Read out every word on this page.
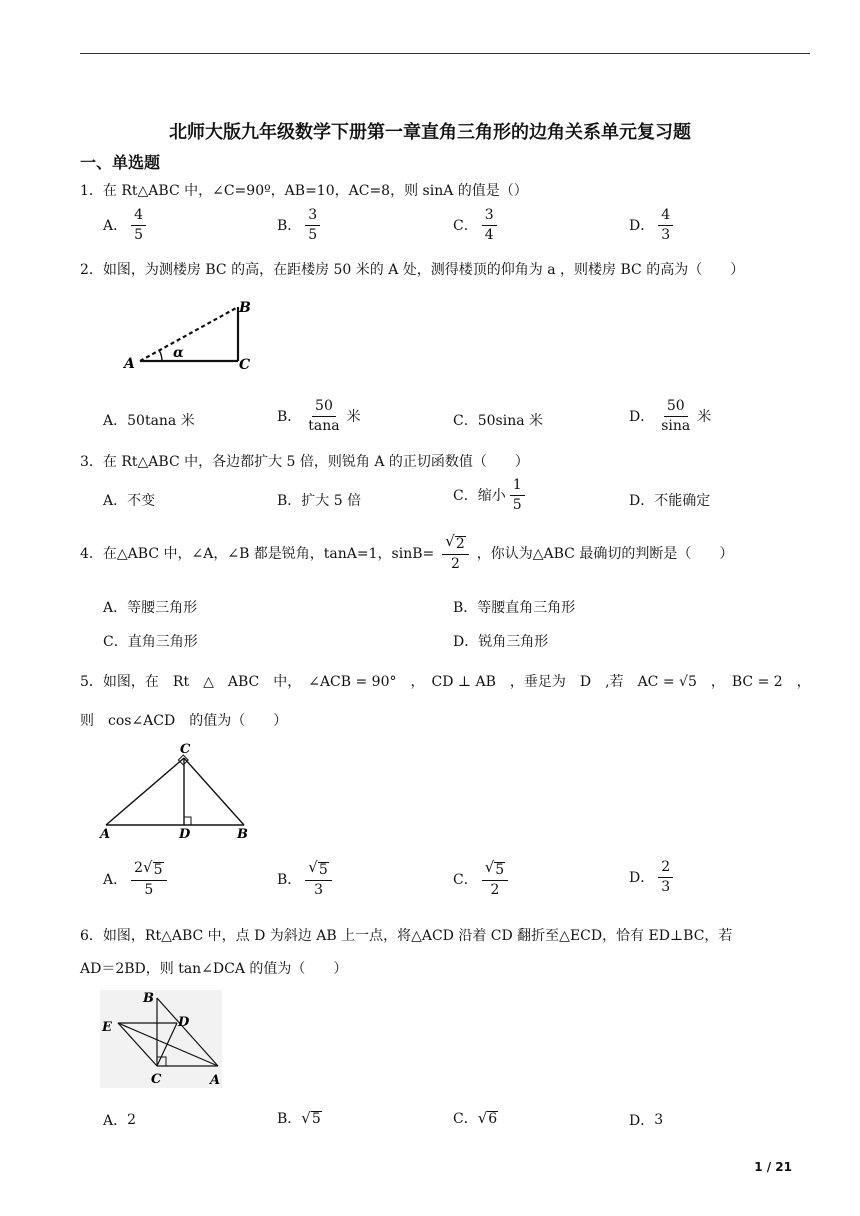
北师大版九年级数学下册第一章直角三角形的边角关系单元复习题
一、单选题
1．在 Rt△ABC 中，∠C=90º，AB=10，AC=8，则 sinA 的值是（）
A． $\frac{4}{5}$	B． $\frac{3}{5}$	C． $\frac{3}{4}$	D． $\frac{4}{3}$
2．如图，为测楼房 BC 的高，在距楼房 50 米的 A 处，测得楼顶的仰角为 a ，则楼房 BC 的高为（　　）
A
B
C
α
A． 50tana 米	B． $\frac{50}{\tan a}$ 米	C． 50sina 米	D． $\frac{50}{\sin a}$ 米
3．在 Rt△ABC 中，各边都扩大 5 倍，则锐角 A 的正切函数值（　　）
A． 不变	B． 扩大 5 倍	C． 缩小 $\frac{1}{5}$	D． 不能确定
4．在△ABC 中，∠A，∠B 都是锐角，tanA=1，$\sin B= \frac{√ 2}{2}$ ，你认为△ABC 最确切的判断是（　　）
A． 等腰三角形	B． 等腰直角三角形
C． 直角三角形	D． 锐角三角形
5．如图，在　Rt　△　ABC　中，　∠ACB = 90°　，　CD ⊥ AB　，垂足为　D　,若　AC = √5　，　BC = 2　，
则　cos∠ACD　的值为（　　）
A
C
D	B
A． $\frac{2 √ 5}{5}$	B． $\frac{√ 5}{3}$	C． $\frac{√ 5}{2}$	D． $\frac{2}{3}$
6．如图，Rt△ABC 中，点 D 为斜边 AB 上一点，将△ACD 沿着 CD 翻折至△ECD，恰有 ED⊥BC，若
AD＝2BD，则 tan∠DCA 的值为（　　）
B
D
E
C	A
A． 2	B． √ 5	C． √ 6	D． 3
1 / 21
